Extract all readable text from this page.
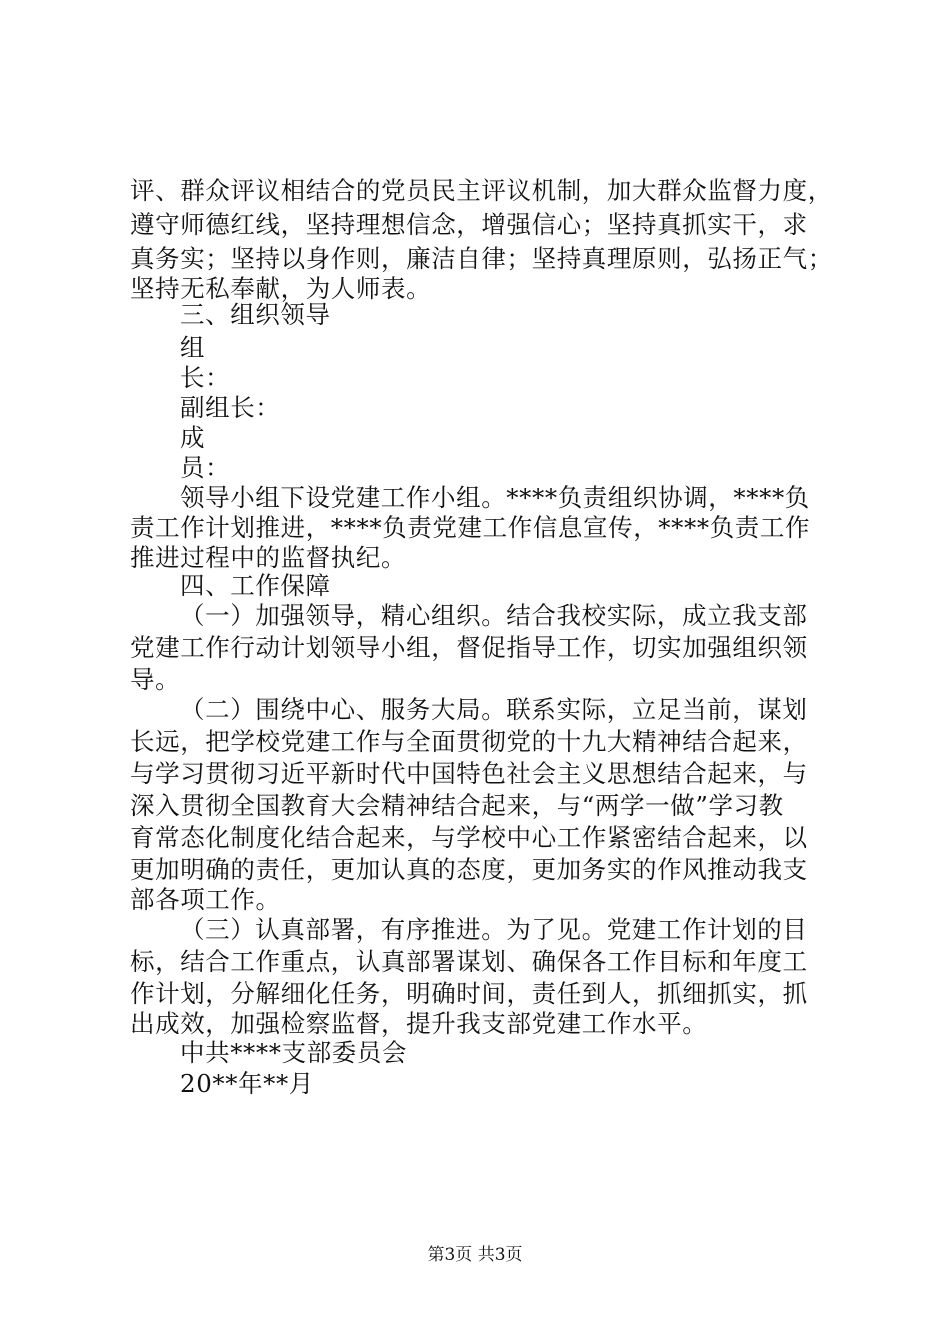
评、群众评议相结合的党员民主评议机制，加大群众监督力度，
遵守师德红线，坚持理想信念，增强信心；坚持真抓实干，求
真务实；坚持以身作则，廉洁自律；坚持真理原则，弘扬正气；
坚持无私奉献，为人师表。
三、组织领导
组
长：
副组长：
成
员：
领导小组下设党建工作小组。****负责组织协调，****负
责工作计划推进，****负责党建工作信息宣传，****负责工作
推进过程中的监督执纪。
四、工作保障
（一）加强领导，精心组织。结合我校实际，成立我支部
党建工作行动计划领导小组，督促指导工作，切实加强组织领
导。
（二）围绕中心、服务大局。联系实际，立足当前，谋划
长远，把学校党建工作与全面贯彻党的十九大精神结合起来，
与学习贯彻习近平新时代中国特色社会主义思想结合起来，与
深入贯彻全国教育大会精神结合起来，与“两学一做”学习教
育常态化制度化结合起来，与学校中心工作紧密结合起来，以
更加明确的责任，更加认真的态度，更加务实的作风推动我支
部各项工作。
（三）认真部署，有序推进。为了见。党建工作计划的目
标，结合工作重点，认真部署谋划、确保各工作目标和年度工
作计划，分解细化任务，明确时间，责任到人，抓细抓实，抓
出成效，加强检察监督，提升我支部党建工作水平。
中共****支部委员会
20**年**月
第3页 共3页
